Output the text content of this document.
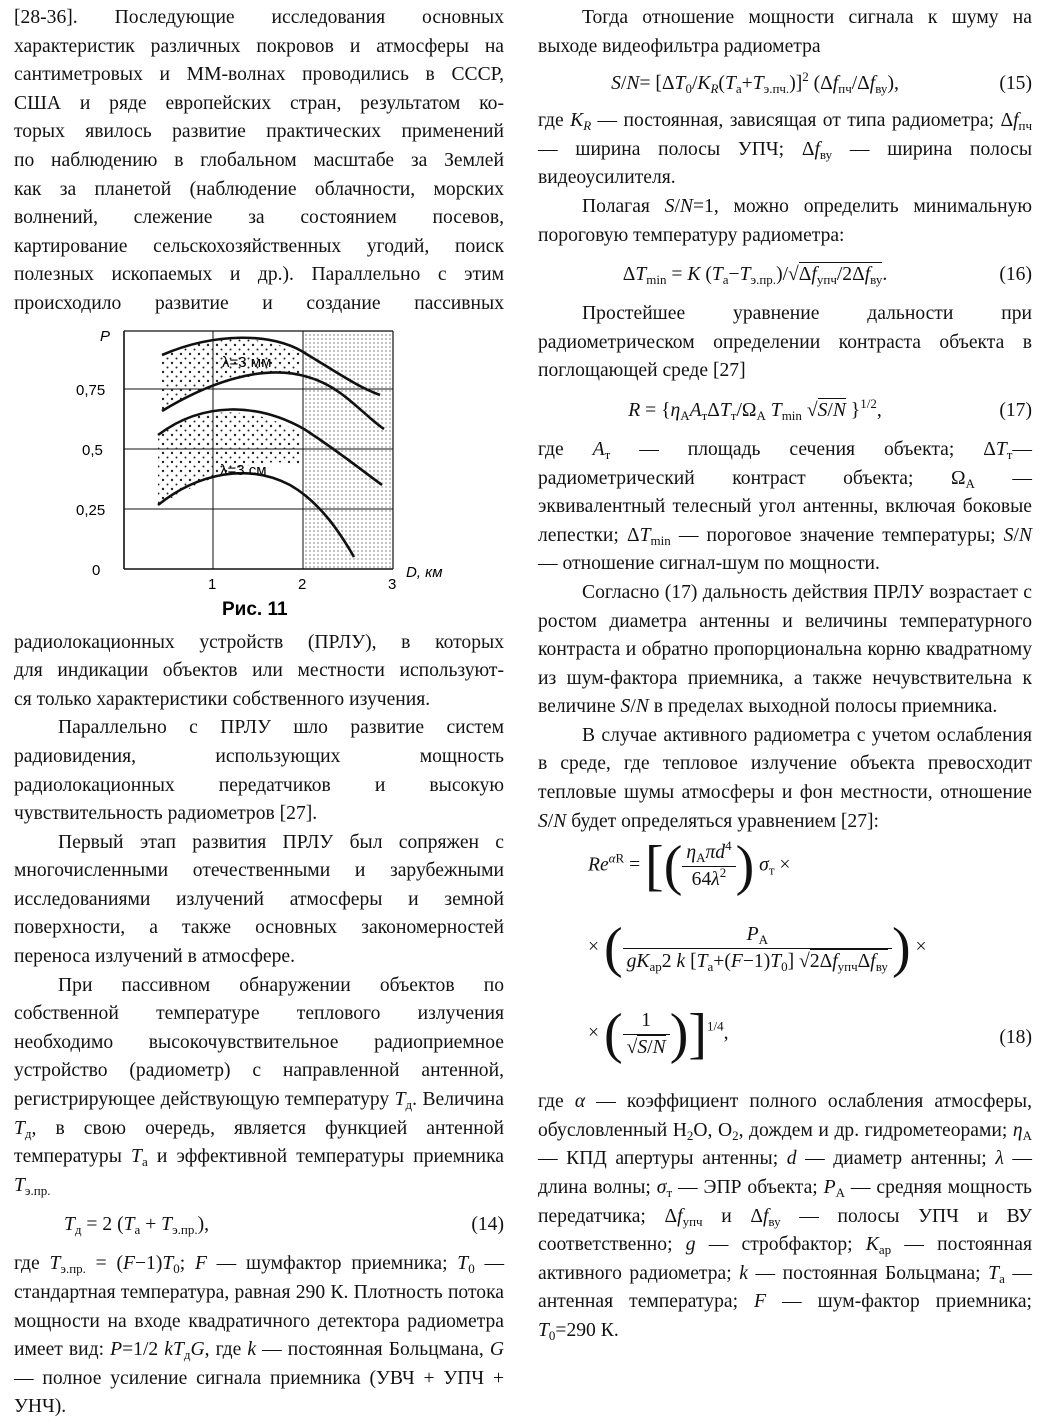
[28-36]. Последующие исследования основных

характеристик различных покровов и атмосферы на

сантиметровых и ММ-волнах проводились в СССР,

США и ряде европейских стран, результатом ко-

торых явилось развитие практических применений

по наблюдению в глобальном масштабе за Землей

как за планетой (наблюдение облачности, морских

волнений, слежение за состоянием посевов,

картирование сельскохозяйственных угодий, поиск

полезных ископаемых и др.). Параллельно с этим

происходило развитие и создание пассивных

P
0,75
0,5
0,25
0
1	2	3
D, км
λ=3 мм
λ=3 см
Рис. 11

радиолокационных устройств (ПРЛУ), в которых

для индикации объектов или местности используют-

ся только характеристики собственного изучения.

Параллельно с ПРЛУ шло развитие систем радиовидения, использующих мощность радиолокационных передатчиков и высокую чувствительность радиометров [27].

Первый этап развития ПРЛУ был сопряжен с многочисленными отечественными и зарубежными исследованиями излучений атмосферы и земной поверхности, а также основных закономерностей переноса излучений в атмосфере.

При пассивном обнаружении объектов по собственной температуре теплового излучения необходимо высокочувствительное радиоприемное устройство (радиометр) с направленной антенной, регистрирующее действующую температуру $T_д$. Величина $T_д$, в свою очередь, является функцией антенной температуры $T_а$ и эффективной температуры приемника $T_{э.пр.}$

$T_д = 2$ $(T_а + T_{э.пр.})$,	(14)

где $T_{э.пр.} = (F-1)T_0$; F — шумфактор приемника; $T_0$ — стандартная температура, равная 290 К. Плотность потока мощности на входе квадратичного детектора радиометра имеет вид: P=1/2 $kT_дG$, где k — постоянная Больцмана, G — полное усиление сигнала приемника (УВЧ + УПЧ + УНЧ).

Тогда отношение мощности сигнала к шуму на выходе видеофильтра радиометра

$S/N= [\Delta T_0/K_R(T_а+T_{э.пч.})]^2$ $(\Delta f_{пч}/\Delta f_{ву})$,	(15)

где $K_R$ — постоянная, зависящая от типа радиометра; $\Delta f_{пч}$ — ширина полосы УПЧ; $\Delta f_{ву}$ — ширина полосы видеоусилителя.

Полагая S/N=1, можно определить минимальную пороговую температуру радиометра:

$\Delta T_{min} = K$ $(T_а-T_{э.пр.})/√\Delta f_{упч}/2\Delta f_{ву}$.	(16)

Простейшее уравнение дальности при радиометрическом определении контраста объекта в поглощающей среде [27]

$R = \{\eta_АA_т\Delta T_т/\Omega_А$ $T_{min}$ √S/N }$^{1/2}$,	(17)

где $A_т$ — площадь сечения объекта; $\Delta T_т—$ радиометрический контраст объекта; $\Omega_А$ — эквивалентный телесный угол антенны, включая боковые лепестки; $\Delta T_{min}$ — пороговое значение температуры; S/N — отношение сигнал-шум по мощности.

Согласно (17) дальность действия ПРЛУ возрастает с ростом диаметра антенны и величины температурного контраста и обратно пропорциональна корню квадратному из шум-фактора приемника, а также нечувствительна к величине S/N в пределах выходной полосы приемника.

В случае активного радиометра с учетом ослабления в среде, где тепловое излучение объекта превосходит тепловые шумы атмосферы и фон местности, отношение S/N будет определяться уравнением [27]:

$Re^{\alpha R}$ = [( $\frac{\eta_А\pi d^4}{64\lambda^2}$ ) $\sigma_т$ ×
× ( $\frac{P_А}{gK_{ар}2 k [T_а+(F-1)T_0] √2\Delta f_{упч}\Delta f_{ву}}$ ) ×
× ( $\frac{1}{√S/N} )]^{1/4}$,	(18)

где α — коэффициент полного ослабления атмосферы, обусловленный $H_2O$, $O_2$, дождем и др. гидрометеорами; $\eta_А$ — КПД апертуры антенны; d — диаметр антенны; λ — длина волны; $\sigma_т$ — ЭПР объекта; $P_А$ — средняя мощность передатчика; $\Delta f_{упч}$ и $\Delta f_{ву}$ — полосы УПЧ и ВУ соответственно; g — стробфактор; $K_{ар}$ — постоянная активного радиометра; k — постоянная Больцмана; $T_а$ — антенная температура; F — шум-фактор приемника; $T_0=290$ К.
